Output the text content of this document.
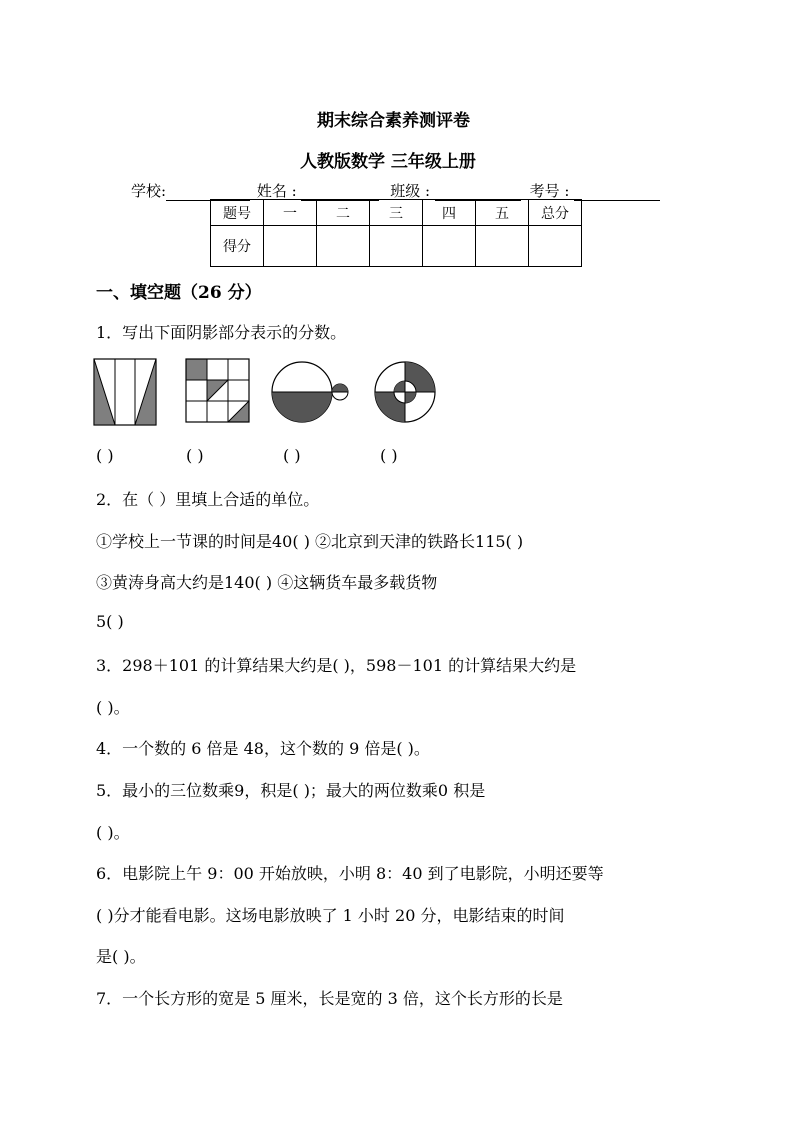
期末综合素养测评卷
人教版数学 三年级上册
学校:	姓名 :	班级 :	考号 :
题号	一	二	三	四	五	总分
得分						
一、填空题（26 分）
1．写出下面阴影部分表示的分数。
( )	( )	( )	( )
2．在（ ）里填上合适的单位。
①学校上一节课的时间是40( ) ②北京到天津的铁路长115( )
③黄涛身高大约是140( ) ④这辆货车最多载货物
5( )
3．298＋101 的计算结果大约是( )，598－101 的计算结果大约是
( )。
4．一个数的 6 倍是 48，这个数的 9 倍是( )。
5．最小的三位数乘9，积是( )；最大的两位数乘0 积是
( )。
6．电影院上午 9：00 开始放映，小明 8：40 到了电影院，小明还要等
( )分才能看电影。这场电影放映了 1 小时 20 分，电影结束的时间
是( )。
7．一个长方形的宽是 5 厘米，长是宽的 3 倍，这个长方形的长是
